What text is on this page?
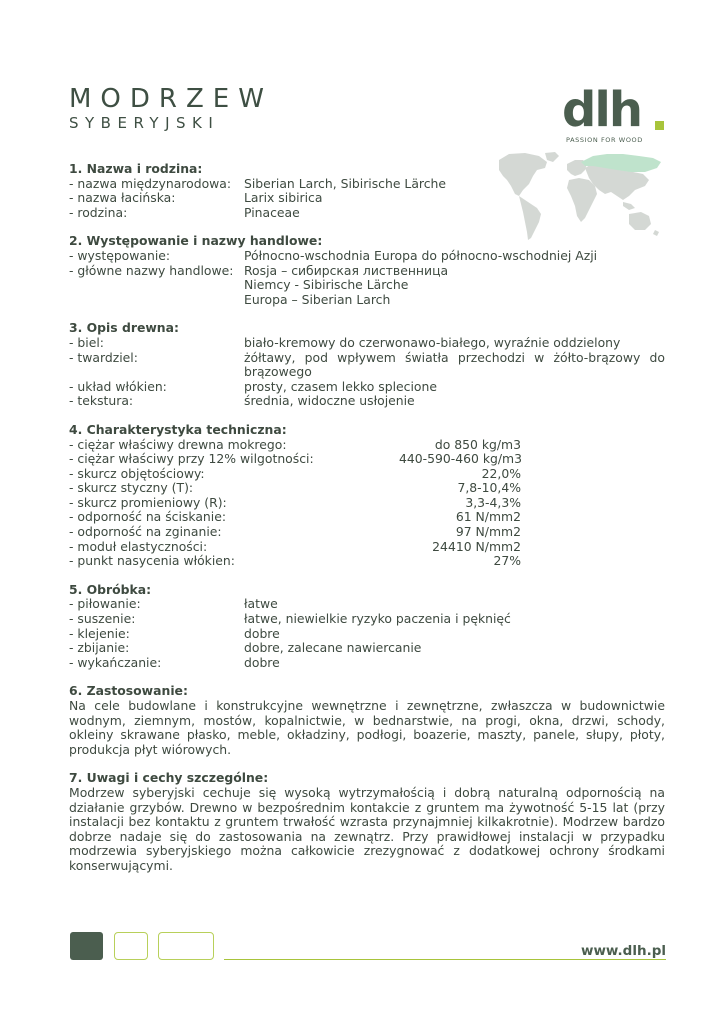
MODRZEW
SYBERYJSKI	dlh
PASSION FOR WOOD
1. Nazwa i rodzina:
- nazwa międzynarodowa:	Siberian Larch, Sibirische Lärche
- nazwa łacińska:	Larix sibirica
- rodzina:	Pinaceae
2. Występowanie i nazwy handlowe:
- występowanie:	Północno-wschodnia Europa do północno-wschodniej Azji
- główne nazwy handlowe: Rosja – сибирская лиственница
Niemcy - Sibirische Lärche
Europa – Siberian Larch
3. Opis drewna:
- biel:	biało-kremowy do czerwonawo-białego, wyraźnie oddzielony
- twardziel:	żółtawy, pod wpływem światła przechodzi w żółto-brązowy do brązowego
- układ włókien:	prosty, czasem lekko splecione
- tekstura:	średnia, widoczne usłojenie
4. Charakterystyka techniczna:
- ciężar właściwy drewna mokrego:	do 850 kg/m3
- ciężar właściwy przy 12% wilgotności:	440-590-460 kg/m3
- skurcz objętościowy:	22,0%
- skurcz styczny (T):	7,8-10,4%
- skurcz promieniowy (R):	3,3-4,3%
- odporność na ściskanie:	61 N/mm2
- odporność na zginanie:	97 N/mm2
- moduł elastyczności:	24410 N/mm2
- punkt nasycenia włókien:	27%
5. Obróbka:
- piłowanie:	łatwe
- suszenie:	łatwe, niewielkie ryzyko paczenia i pęknięć
- klejenie:	dobre
- zbijanie:	dobre, zalecane nawiercanie
- wykańczanie:	dobre
6. Zastosowanie:
Na cele budowlane i konstrukcyjne wewnętrzne i zewnętrzne, zwłaszcza w budownictwie wodnym, ziemnym, mostów, kopalnictwie, w bednarstwie, na progi, okna, drzwi, schody, okleiny skrawane płasko, meble, okładziny, podłogi, boazerie, maszty, panele, słupy, płoty, produkcja płyt wiórowych.
7. Uwagi i cechy szczególne:
Modrzew syberyjski cechuje się wysoką wytrzymałością i dobrą naturalną odpornością na działanie grzybów. Drewno w bezpośrednim kontakcie z gruntem ma żywotność 5-15 lat (przy instalacji bez kontaktu z gruntem trwałość wzrasta przynajmniej kilkakrotnie). Modrzew bardzo dobrze nadaje się do zastosowania na zewnątrz. Przy prawidłowej instalacji w przypadku modrzewia syberyjskiego można całkowicie zrezygnować z dodatkowej ochrony środkami konserwującymi.
www.dlh.pl
